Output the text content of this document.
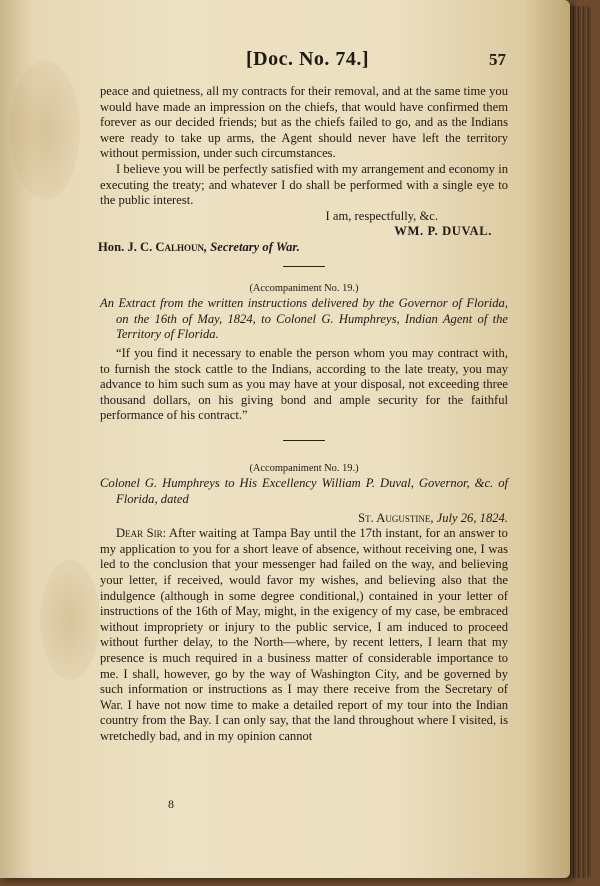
[Doc. No. 74.]	57

peace and quietness, all my contracts for their removal, and at the same time you would have made an impression on the chiefs, that would have confirmed them forever as our decided friends; but as the chiefs failed to go, and as the Indians were ready to take up arms, the Agent should never have left the territory without permission, under such circumstances.

I believe you will be perfectly satisfied with my arrangement and economy in executing the treaty; and whatever I do shall be performed with a single eye to the public interest.

I am, respectfully, &c.

WM. P. DUVAL.

Hon. J. C. Calhoun, Secretary of War.

(Accompaniment No. 19.)

An Extract from the written instructions delivered by the Governor of Florida, on the 16th of May, 1824, to Colonel G. Humphreys, Indian Agent of the Territory of Florida.

“If you find it necessary to enable the person whom you may contract with, to furnish the stock cattle to the Indians, according to the late treaty, you may advance to him such sum as you may have at your disposal, not exceeding three thousand dollars, on his giving bond and ample security for the faithful performance of his contract.”

(Accompaniment No. 19.)

Colonel G. Humphreys to His Excellency William P. Duval, Governor, &c. of Florida, dated

St. Augustine, July 26, 1824.

Dear Sir: After waiting at Tampa Bay until the 17th instant, for an answer to my application to you for a short leave of absence, without receiving one, I was led to the conclusion that your messenger had failed on the way, and believing your letter, if received, would favor my wishes, and believing also that the indulgence (although in some degree conditional,) contained in your letter of instructions of the 16th of May, might, in the exigency of my case, be embraced without impropriety or injury to the public service, I am induced to proceed without further delay, to the North—where, by recent letters, I learn that my presence is much required in a business matter of considerable importance to me. I shall, however, go by the way of Washington City, and be governed by such information or instructions as I may there receive from the Secretary of War. I have not now time to make a detailed report of my tour into the Indian country from the Bay. I can only say, that the land throughout where I visited, is wretchedly bad, and in my opinion cannot

8
